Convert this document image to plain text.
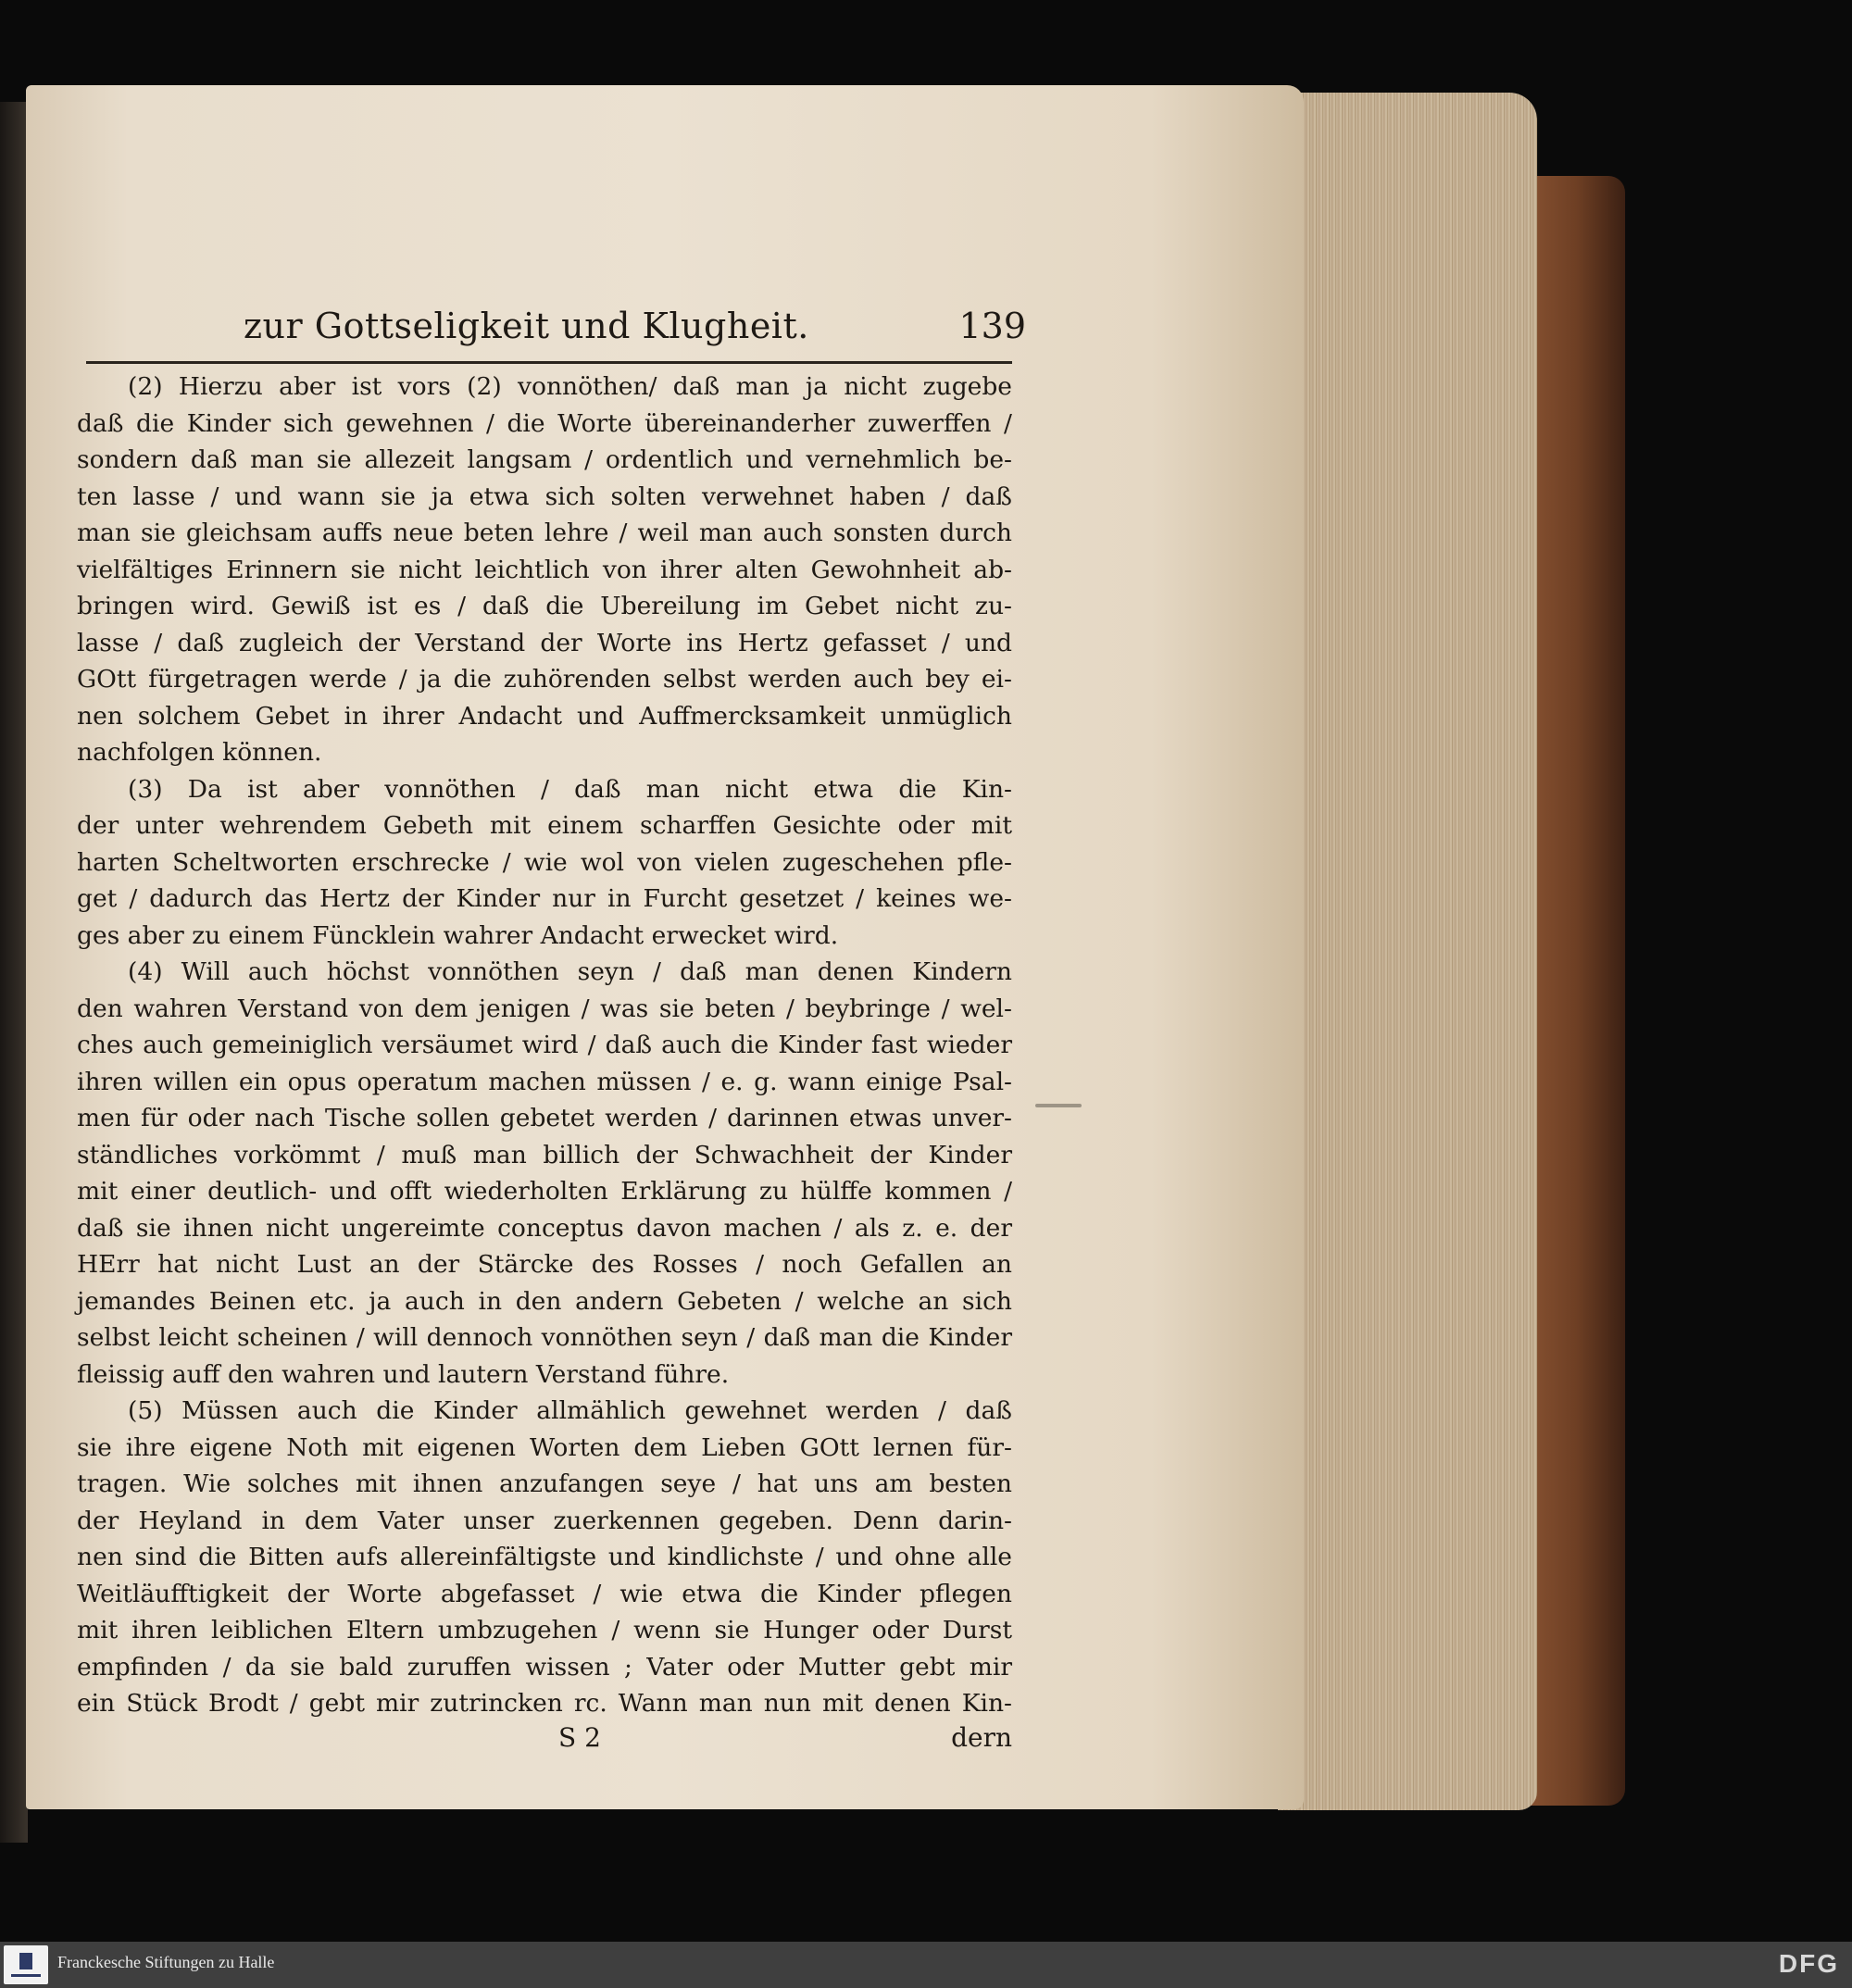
zur Gottseligkeit und Klugheit.	139
(2) Hierzu aber ist vors (2) vonnöthen/ daß man ja nicht zugebe
daß die Kinder sich gewehnen / die Worte übereinanderher zuwerffen /
sondern daß man sie allezeit langsam / ordentlich und vernehmlich be-
ten lasse / und wann sie ja etwa sich solten verwehnet haben / daß
man sie gleichsam auffs neue beten lehre / weil man auch sonsten durch
vielfältiges Erinnern sie nicht leichtlich von ihrer alten Gewohnheit ab-
bringen wird. Gewiß ist es / daß die Ubereilung im Gebet nicht zu-
lasse / daß zugleich der Verstand der Worte ins Hertz gefasset / und
GOtt fürgetragen werde / ja die zuhörenden selbst werden auch bey ei-
nen solchem Gebet in ihrer Andacht und Auffmercksamkeit unmüglich
nachfolgen können.
(3) Da ist aber vonnöthen / daß man nicht etwa die Kin-
der unter wehrendem Gebeth mit einem scharffen Gesichte oder mit
harten Scheltworten erschrecke / wie wol von vielen zugeschehen pfle-
get / dadurch das Hertz der Kinder nur in Furcht gesetzet / keines we-
ges aber zu einem Füncklein wahrer Andacht erwecket wird.
(4) Will auch höchst vonnöthen seyn / daß man denen Kindern
den wahren Verstand von dem jenigen / was sie beten / beybringe / wel-
ches auch gemeiniglich versäumet wird / daß auch die Kinder fast wieder
ihren willen ein opus operatum machen müssen / e. g. wann einige Psal-
men für oder nach Tische sollen gebetet werden / darinnen etwas unver-
ständliches vorkömmt / muß man billich der Schwachheit der Kinder
mit einer deutlich- und offt wiederholten Erklärung zu hülffe kommen /
daß sie ihnen nicht ungereimte conceptus davon machen / als z. e. der
HErr hat nicht Lust an der Stärcke des Rosses / noch Gefallen an
jemandes Beinen etc. ja auch in den andern Gebeten / welche an sich
selbst leicht scheinen / will dennoch vonnöthen seyn / daß man die Kinder
fleissig auff den wahren und lautern Verstand führe.
(5) Müssen auch die Kinder allmählich gewehnet werden / daß
sie ihre eigene Noth mit eigenen Worten dem Lieben GOtt lernen für-
tragen. Wie solches mit ihnen anzufangen seye / hat uns am besten
der Heyland in dem Vater unser zuerkennen gegeben. Denn darin-
nen sind die Bitten aufs allereinfältigste und kindlichste / und ohne alle
Weitläufftigkeit der Worte abgefasset / wie etwa die Kinder pflegen
mit ihren leiblichen Eltern umbzugehen / wenn sie Hunger oder Durst
empfinden / da sie bald zuruffen wissen ; Vater oder Mutter gebt mir
ein Stück Brodt / gebt mir zutrincken rc. Wann man nun mit denen Kin-
S 2	dern
Franckesche Stiftungen zu Halle	DFG
